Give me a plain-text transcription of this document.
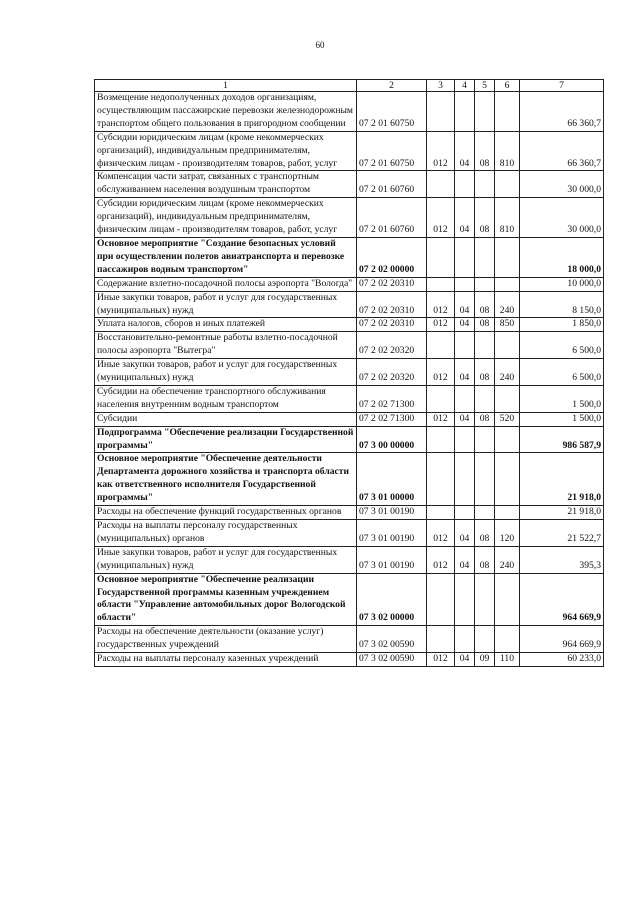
60
1	2	3	4	5	6	7
Возмещение недополученных доходов организациям, осуществляющим пассажирские перевозки железнодорожным транспортом общего пользования в пригородном сообщении	07 2 01 60750					66 360,7
Субсидии юридическим лицам (кроме некоммерческих организаций), индивидуальным предпринимателям, физическим лицам - производителям товаров, работ, услуг	07 2 01 60750	012	04	08	810	66 360,7
Компенсация части затрат, связанных с транспортным обслуживанием населения воздушным транспортом	07 2 01 60760					30 000,0
Субсидии юридическим лицам (кроме некоммерческих организаций), индивидуальным предпринимателям, физическим лицам - производителям товаров, работ, услуг	07 2 01 60760	012	04	08	810	30 000,0
Основное мероприятие "Создание безопасных условий при осуществлении полетов авиатранспорта и перевозке пассажиров водным транспортом"	07 2 02 00000					18 000,0
Содержание взлетно-посадочной полосы аэропорта "Вологда"	07 2 02 20310					10 000,0
Иные закупки товаров, работ и услуг для государственных (муниципальных) нужд	07 2 02 20310	012	04	08	240	8 150,0
Уплата налогов, сборов и иных платежей	07 2 02 20310	012	04	08	850	1 850,0
Восстановительно-ремонтные работы взлетно-посадочной полосы аэропорта "Вытегра"	07 2 02 20320					6 500,0
Иные закупки товаров, работ и услуг для государственных (муниципальных) нужд	07 2 02 20320	012	04	08	240	6 500,0
Субсидии на обеспечение транспортного обслуживания населения внутренним водным транспортом	07 2 02 71300					1 500,0
Субсидии	07 2 02 71300	012	04	08	520	1 500,0
Подпрограмма "Обеспечение реализации Государственной программы"	07 3 00 00000					986 587,9
Основное мероприятие "Обеспечение деятельности Департамента дорожного хозяйства и транспорта области как ответственного исполнителя Государственной программы"	07 3 01 00000					21 918,0
Расходы на обеспечение функций государственных органов	07 3 01 00190					21 918,0
Расходы на выплаты персоналу государственных (муниципальных) органов	07 3 01 00190	012	04	08	120	21 522,7
Иные закупки товаров, работ и услуг для государственных (муниципальных) нужд	07 3 01 00190	012	04	08	240	395,3
Основное мероприятие "Обеспечение реализации Государственной программы казенным учреждением области "Управление автомобильных дорог Вологодской области"	07 3 02 00000					964 669,9
Расходы на обеспечение деятельности (оказание услуг) государственных учреждений	07 3 02 00590					964 669,9
Расходы на выплаты персоналу казенных учреждений	07 3 02 00590	012	04	09	110	60 233,0
